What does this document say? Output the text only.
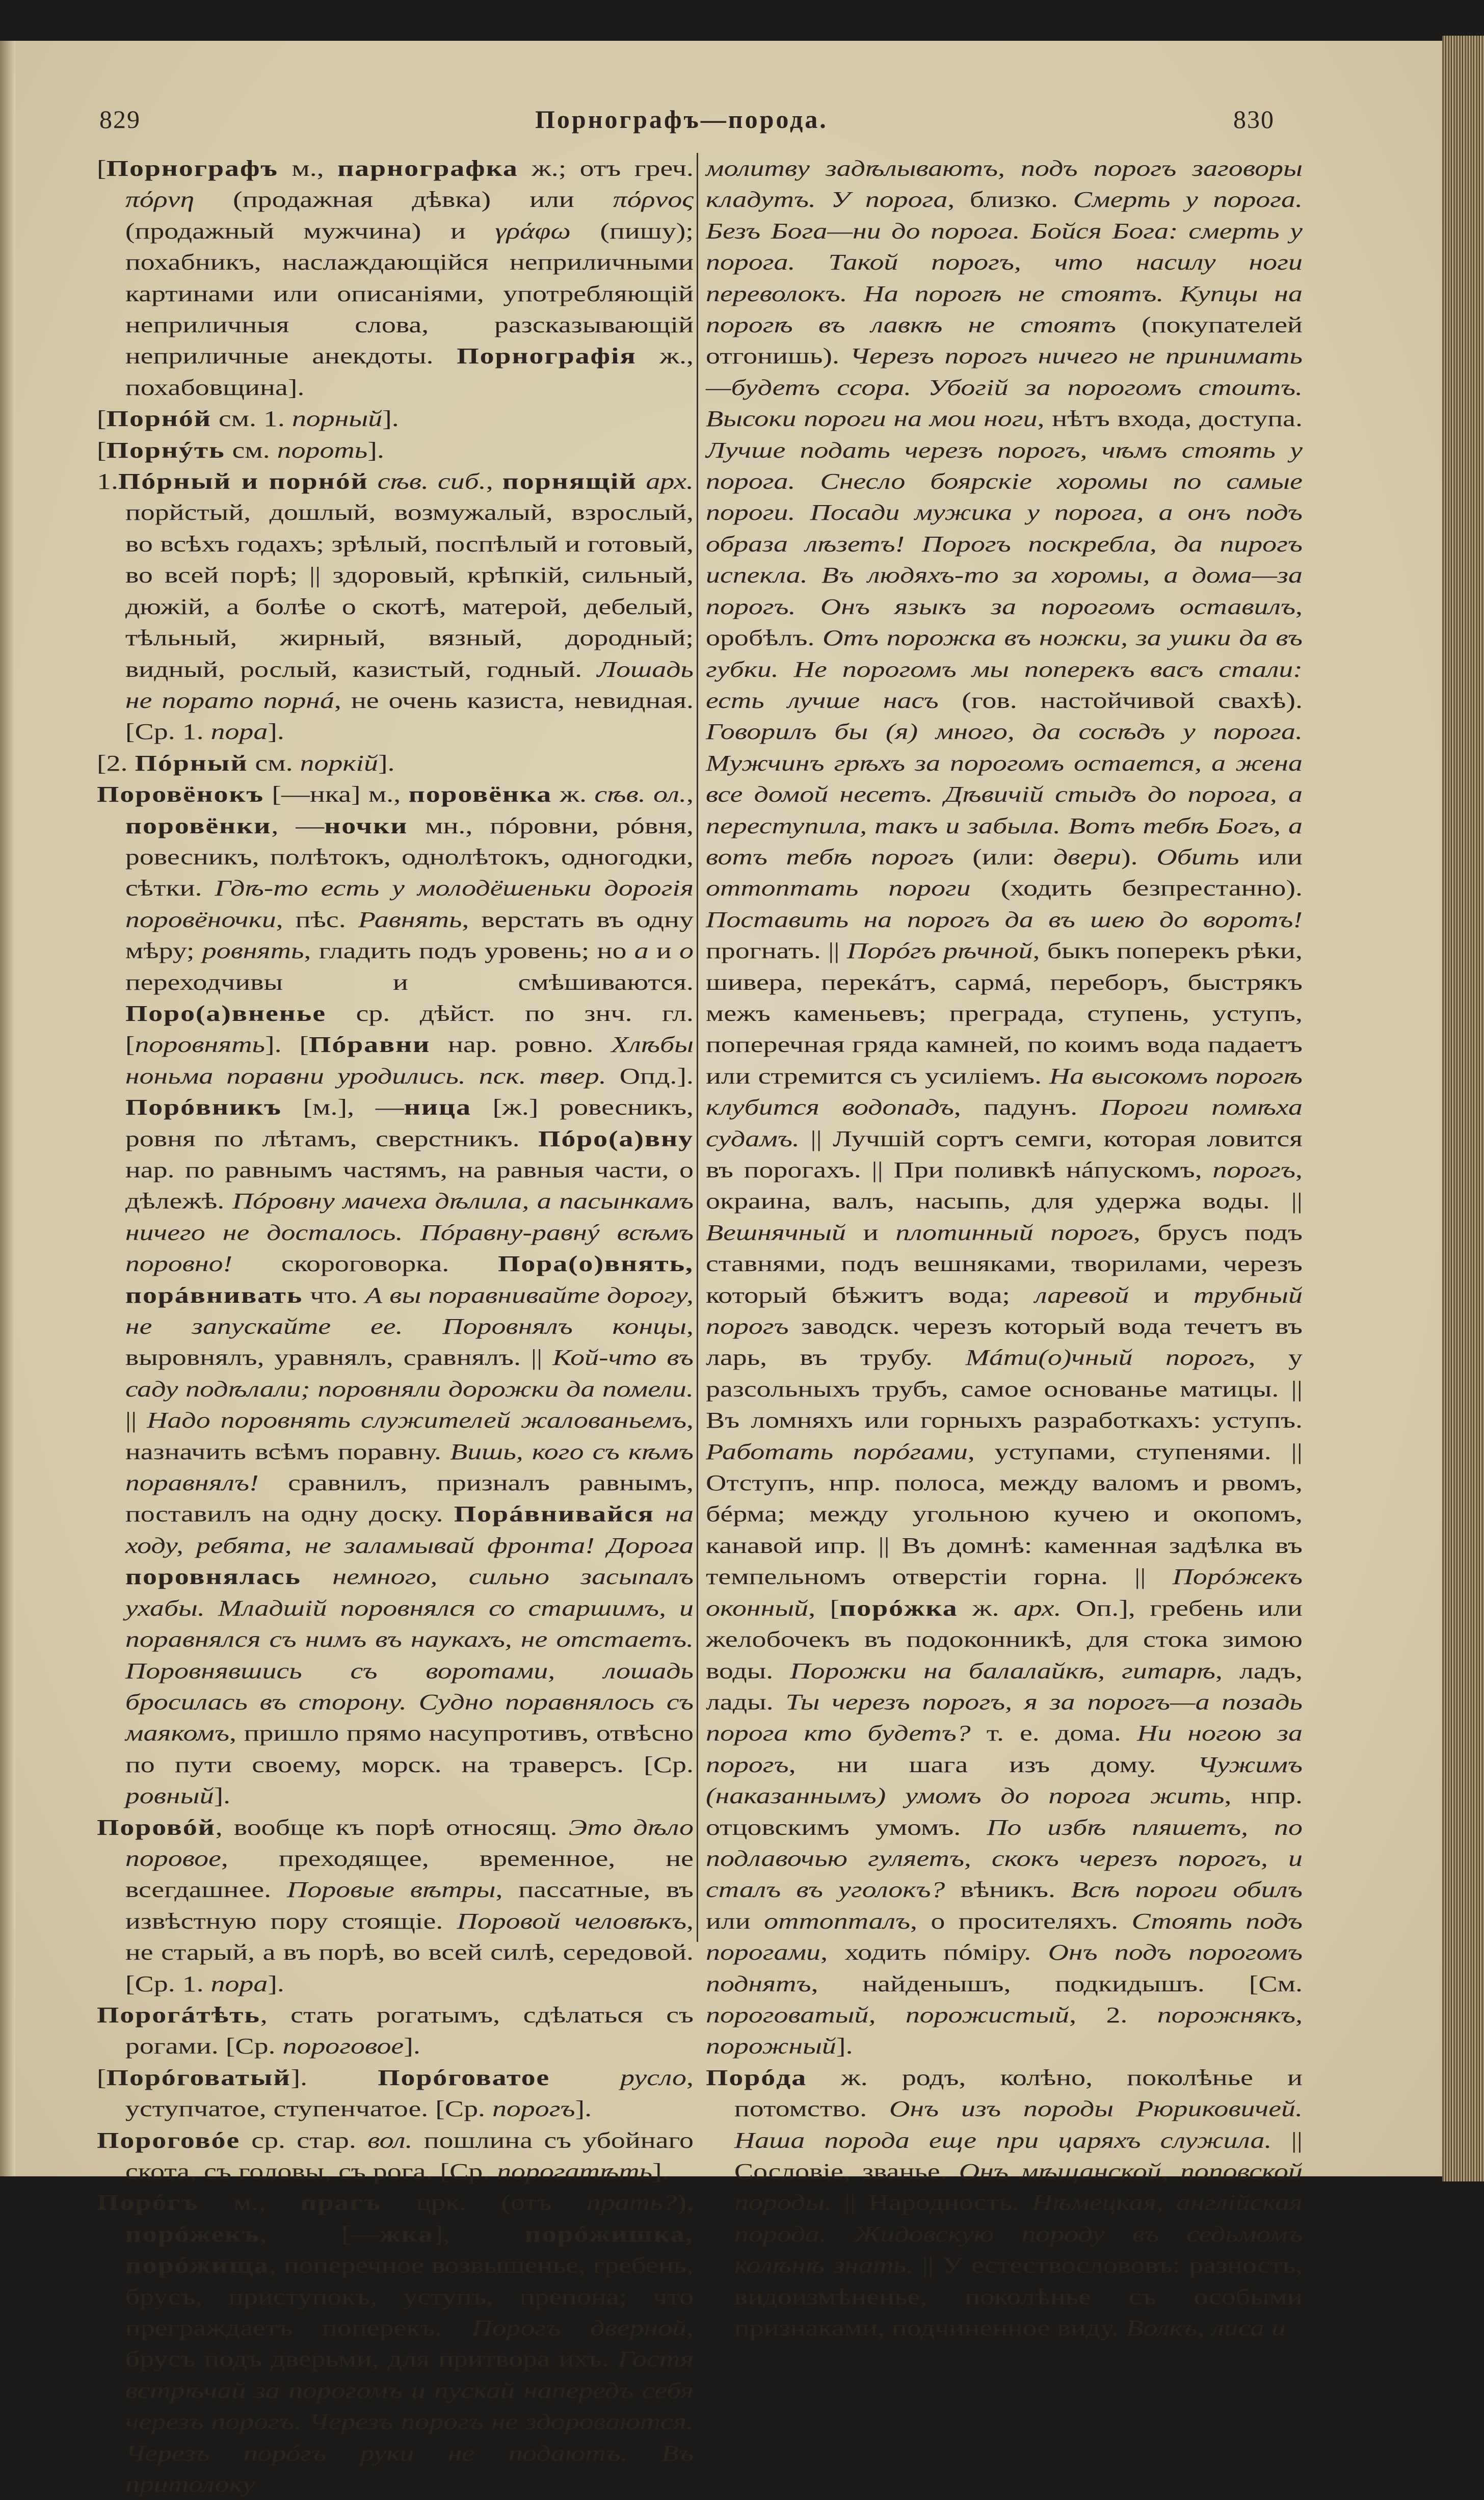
829	Порнографъ—порода.	830

[Порнографъ м., парнографка ж.; отъ греч. πόρνη (продажная дѣвка) или πόρνος (продажный мужчина) и γράφω (пишу); похабникъ, наслаждающійся неприличными картинами или описаніями, употребляющій неприличныя слова, разсказывающій неприличные анекдоты. Порнографія ж., похабовщина].

[Порнóй см. 1. порный].

[Порнýть см. пороть].

1.Пóрный и порнóй сѣв. сиб., порнящій арх. порйстый, дошлый, возмужалый, взрослый, во всѣхъ годахъ; зрѣлый, поспѣлый и готовый, во всей порѣ; || здоровый, крѣпкій, сильный, дюжій, а болѣе о скотѣ, матерой, дебелый, тѣльный, жирный, вязный, дородный; видный, рослый, казистый, годный. Лошадь не порато порнá, не очень казиста, невидная. [Ср. 1. пора].

[2. Пóрный см. поркій].

Поровёнокъ [—нка] м., поровёнка ж. сѣв. ол., поровёнки, —ночки мн., пóровни, рóвня, ровесникъ, полѣтокъ, однолѣтокъ, одногодки, сѣтки. Гдѣ-то есть у молодёшеньки дорогія поровёночки, пѣс. Равнять, верстать въ одну мѣру; ровнять, гладить подъ уровень; но а и о переходчивы и смѣшиваются. Поро(а)вненье ср. дѣйст. по знч. гл. [поровнять]. [Пóравни нар. ровно. Хлѣбы ноньма поравни уродились. пск. твер. Опд.]. Порóвникъ [м.], —ница [ж.] ровесникъ, ровня по лѣтамъ, сверстникъ. Пóро(а)вну нар. по равнымъ частямъ, на равныя части, о дѣлежѣ. Пóровну мачеха дѣлила, а пасынкамъ ничего не досталось. Пóравну-равнý всѣмъ поровно! скороговорка. Пора(о)внять, порáвнивать что. А вы поравнивайте дорогу, не запускайте ее. Поровнялъ концы, выровнялъ, уравнялъ, сравнялъ. || Кой-что въ саду подѣлали; поровняли дорожки да помели. || Надо поровнять служителей жалованьемъ, назначить всѣмъ поравну. Вишь, кого съ кѣмъ поравнялъ! сравнилъ, призналъ равнымъ, поставилъ на одну доску. Порáвнивайся на ходу, ребята, не заламывай фронта! Дорога поровнялась немного, сильно засыпалъ ухабы. Младшій поровнялся со старшимъ, и поравнялся съ нимъ въ наукахъ, не отстаетъ. Поровнявшись съ воротами, лошадь бросилась въ сторону. Судно поравнялось съ маякомъ, пришло прямо насупротивъ, отвѣсно по пути своему, морск. на траверсъ. [Ср. ровный].

Поровóй, вообще къ порѣ относящ. Это дѣло поровое, преходящее, временное, не всегдашнее. Поровые вѣтры, пассатные, въ извѣстную пору стоящіе. Поровой человѣкъ, не старый, а въ порѣ, во всей силѣ, середовой. [Ср. 1. пора].

Порогáтѣть, стать рогатымъ, сдѣлаться съ рогами. [Ср. пороговое].

[Порóговатый]. Порóговатое	русло, уступчатое, ступенчатое. [Ср. порогъ].

Пороговóе ср. стар. вол. пошлина съ убойнаго скота, съ головы, съ рога. [Ср. порогатѣть].

Порóгъ м., прагъ црк. (отъ прать?), порóжекъ, [—жка], порóжишка, порóжища, поперечное возвышенье, гребень, брусъ, приступокъ, уступъ, препона; что преграждаетъ поперекъ. Порогъ дверной, брусъ подъ дверьми, для притвора ихъ. Гостя встрѣчай за порогомъ и пускай напередъ себя черезъ порогъ. Черезъ порогъ не здороваются. Черезъ порóгъ руки не подаютъ. Въ притолоку

молитву задѣлываютъ, подъ порогъ заговоры кладутъ. У порога, близко. Смерть у порога. Безъ Бога—ни до порога. Бойся Бога: смерть у порога. Такой порогъ, что насилу ноги переволокъ. На порогѣ не стоятъ. Купцы на порогѣ въ лавкѣ не стоятъ (покупателей отгонишь). Черезъ порогъ ничего не принимать—будетъ ссора. Убогій за порогомъ стоитъ. Высоки пороги на мои ноги, нѣтъ входа, доступа. Лучше подать черезъ порогъ, чѣмъ стоять у порога. Снесло боярскіе хоромы по самые пороги. Посади мужика у порога, а онъ подъ образа лѣзетъ! Порогъ поскребла, да пирогъ испекла. Въ людяхъ-то за хоромы, а дома—за порогъ. Онъ языкъ за порогомъ оставилъ, оробѣлъ. Отъ порожка въ ножки, за ушки да въ губки. Не порогомъ мы поперекъ васъ стали: есть лучше насъ (гов. настойчивой свахѣ). Говорилъ бы (я) много, да сосѣдъ у порога. Мужчинъ грѣхъ за порогомъ остается, а жена все домой несетъ. Дѣвичій стыдъ до порога, а переступила, такъ и забыла. Вотъ тебѣ Богъ, а вотъ тебѣ порогъ (или: двери). Обить или оттоптать пороги (ходить безпрестанно). Поставить на порогъ да въ шею до воротъ! прогнать. || Порóгъ рѣчной, быкъ поперекъ рѣки, шивера, перекáтъ, сармá, переборъ, быстрякъ межъ каменьевъ; преграда, ступень, уступъ, поперечная гряда камней, по коимъ вода падаетъ или стремится съ усиліемъ. На высокомъ порогѣ клубится водопадъ, падунъ. Пороги помѣха судамъ. || Лучшій сортъ семги, которая ловится въ порогахъ. || При поливкѣ нáпускомъ, порогъ, окраина, валъ, насыпь, для удержа воды. || Вешнячный и плотинный порогъ, брусъ подъ ставнями, подъ вешняками, творилами, черезъ который бѣжитъ вода; ларевой и трубный порогъ заводск. черезъ который вода течетъ въ ларь, въ трубу. Мáти(о)чный порогъ, у разсольныхъ трубъ, самое основанье матицы. || Въ ломняхъ или горныхъ разработкахъ: уступъ. Работать порóгами, уступами, ступенями. || Отступъ, нпр. полоса, между валомъ и рвомъ, бéрма; между угольною кучею и окопомъ, канавой ипр. || Въ домнѣ: каменная задѣлка въ темпельномъ отверстіи горна. || Порóжекъ оконный, [порóжка ж. арх. Оп.], гребень или желобочекъ въ подоконникѣ, для стока зимою воды. Порожки на балалайкѣ, гитарѣ, ладъ, лады. Ты черезъ порогъ, я за порогъ—а позадь порога кто будетъ? т. е. дома. Ни ногою за порогъ, ни шага изъ дому. Чужимъ (наказаннымъ) умомъ до порога жить, нпр. отцовскимъ умомъ. По избѣ пляшетъ, по подлавочью гуляетъ, скокъ черезъ порогъ, и сталъ въ уголокъ? вѣникъ. Всѣ пороги обилъ или оттопталъ, о просителяхъ. Стоять подъ порогами, ходить пóміру. Онъ подъ порогомъ поднятъ, найденышъ, подкидышъ. [См. пороговатый, порожистый, 2. порожнякъ, порожный].

Порóда ж. родъ, колѣно, поколѣнье и потомство. Онъ изъ породы Рюриковичей. Наша порода еще при царяхъ служила. || Сословіе, званье. Онъ мѣщанской, поповской породы. || Народность. Нѣмецкая, англійская порода. Жидовскую породу въ седьмомъ колѣнѣ знать. || У естествослововъ: разность, видоизмѣненье, поколѣнье съ особыми признаками, подчиненное виду. Волкъ, лиса и
